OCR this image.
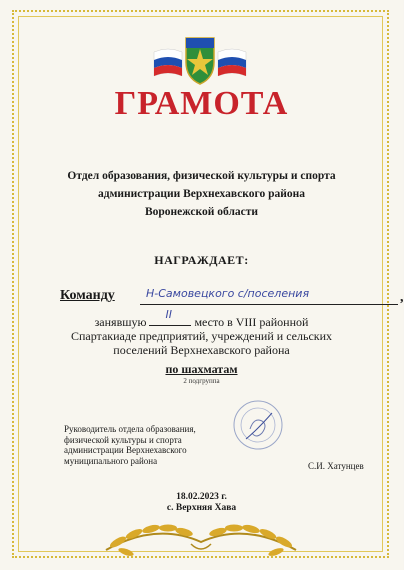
ГРАМОТА
Отдел образования, физической культуры и спорта
администрации Верхнехавского района
Воронежской области
НАГРАЖДАЕТ:
Команду	Н-Самовецкого с/поселения	,
занявшую
II
место в VIII районной
Спартакиаде предприятий, учреждений и сельских
поселений Верхнехавского района
по шахматам
2 подгруппа
Руководитель отдела образования,
физической культуры и спорта
администрации Верхнехавского
муниципального района
С.И. Хатунцев
18.02.2023 г.
с. Верхняя Хава
